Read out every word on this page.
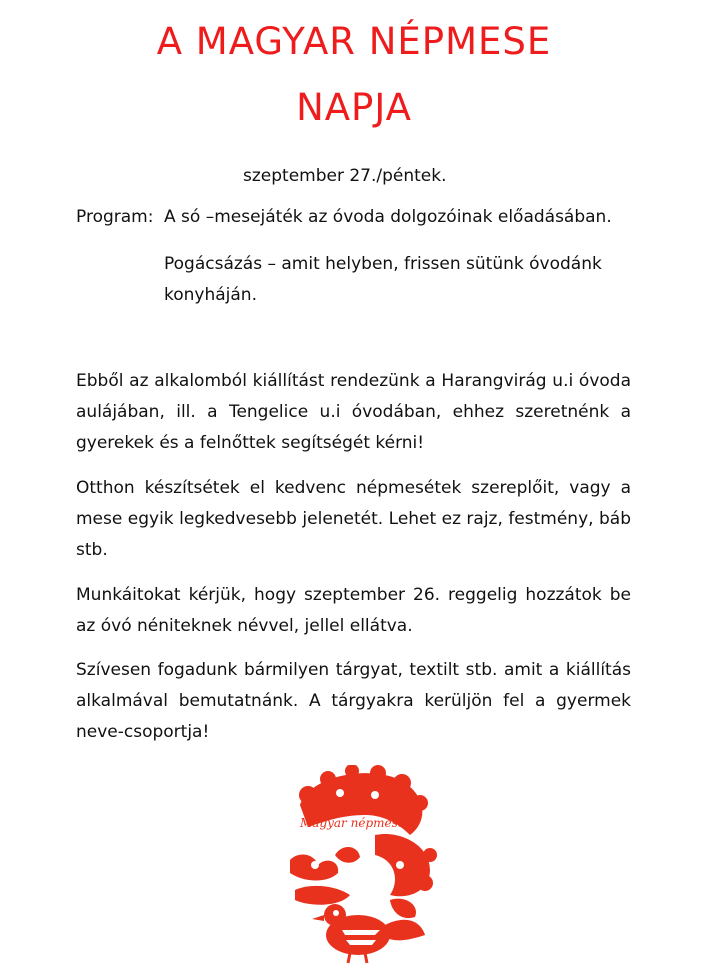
A MAGYAR NÉPMESE
NAPJA
szeptember 27./péntek.
Program: A só –mesejáték az óvoda dolgozóinak előadásában.
Pogácsázás – amit helyben, frissen sütünk óvodánk
konyháján.
Ebből az alkalomból kiállítást rendezünk a Harangvirág u.i óvoda aulájában, ill. a Tengelice u.i óvodában, ehhez szeretnénk a gyerekek és a felnőttek segítségét kérni!
Otthon készítsétek el kedvenc népmesétek szereplőit, vagy a mese egyik legkedvesebb jelenetét. Lehet ez rajz, festmény, báb stb.
Munkáitokat kérjük, hogy szeptember 26. reggelig hozzátok be az óvó néniteknek névvel, jellel ellátva.
Szívesen fogadunk bármilyen tárgyat, textilt stb. amit a kiállítás alkalmával bemutatnánk. A tárgyakra kerüljön fel a gyermek neve-csoportja!
Magyar népmesék
